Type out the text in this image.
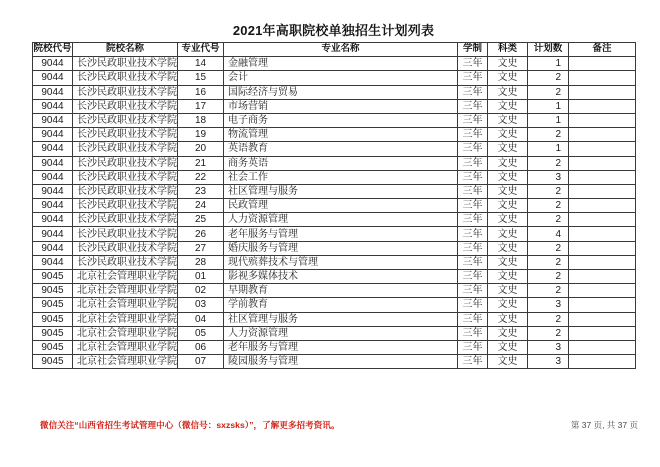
2021年高职院校单独招生计划列表
院校代号	院校名称	专业代号	专业名称	学制	科类	计划数	备注
9044	长沙民政职业技术学院	14	金融管理	三年	文史	1	
9044	长沙民政职业技术学院	15	会计	三年	文史	2	
9044	长沙民政职业技术学院	16	国际经济与贸易	三年	文史	2	
9044	长沙民政职业技术学院	17	市场营销	三年	文史	1	
9044	长沙民政职业技术学院	18	电子商务	三年	文史	1	
9044	长沙民政职业技术学院	19	物流管理	三年	文史	2	
9044	长沙民政职业技术学院	20	英语教育	三年	文史	1	
9044	长沙民政职业技术学院	21	商务英语	三年	文史	2	
9044	长沙民政职业技术学院	22	社会工作	三年	文史	3	
9044	长沙民政职业技术学院	23	社区管理与服务	三年	文史	2	
9044	长沙民政职业技术学院	24	民政管理	三年	文史	2	
9044	长沙民政职业技术学院	25	人力资源管理	三年	文史	2	
9044	长沙民政职业技术学院	26	老年服务与管理	三年	文史	4	
9044	长沙民政职业技术学院	27	婚庆服务与管理	三年	文史	2	
9044	长沙民政职业技术学院	28	现代殡葬技术与管理	三年	文史	2	
9045	北京社会管理职业学院	01	影视多媒体技术	三年	文史	2	
9045	北京社会管理职业学院	02	早期教育	三年	文史	2	
9045	北京社会管理职业学院	03	学前教育	三年	文史	3	
9045	北京社会管理职业学院	04	社区管理与服务	三年	文史	2	
9045	北京社会管理职业学院	05	人力资源管理	三年	文史	2	
9045	北京社会管理职业学院	06	老年服务与管理	三年	文史	3	
9045	北京社会管理职业学院	07	陵园服务与管理	三年	文史	3	
微信关注“山西省招生考试管理中心（微信号：sxzsks）”，了解更多招考资讯。	第 37 页, 共 37 页
